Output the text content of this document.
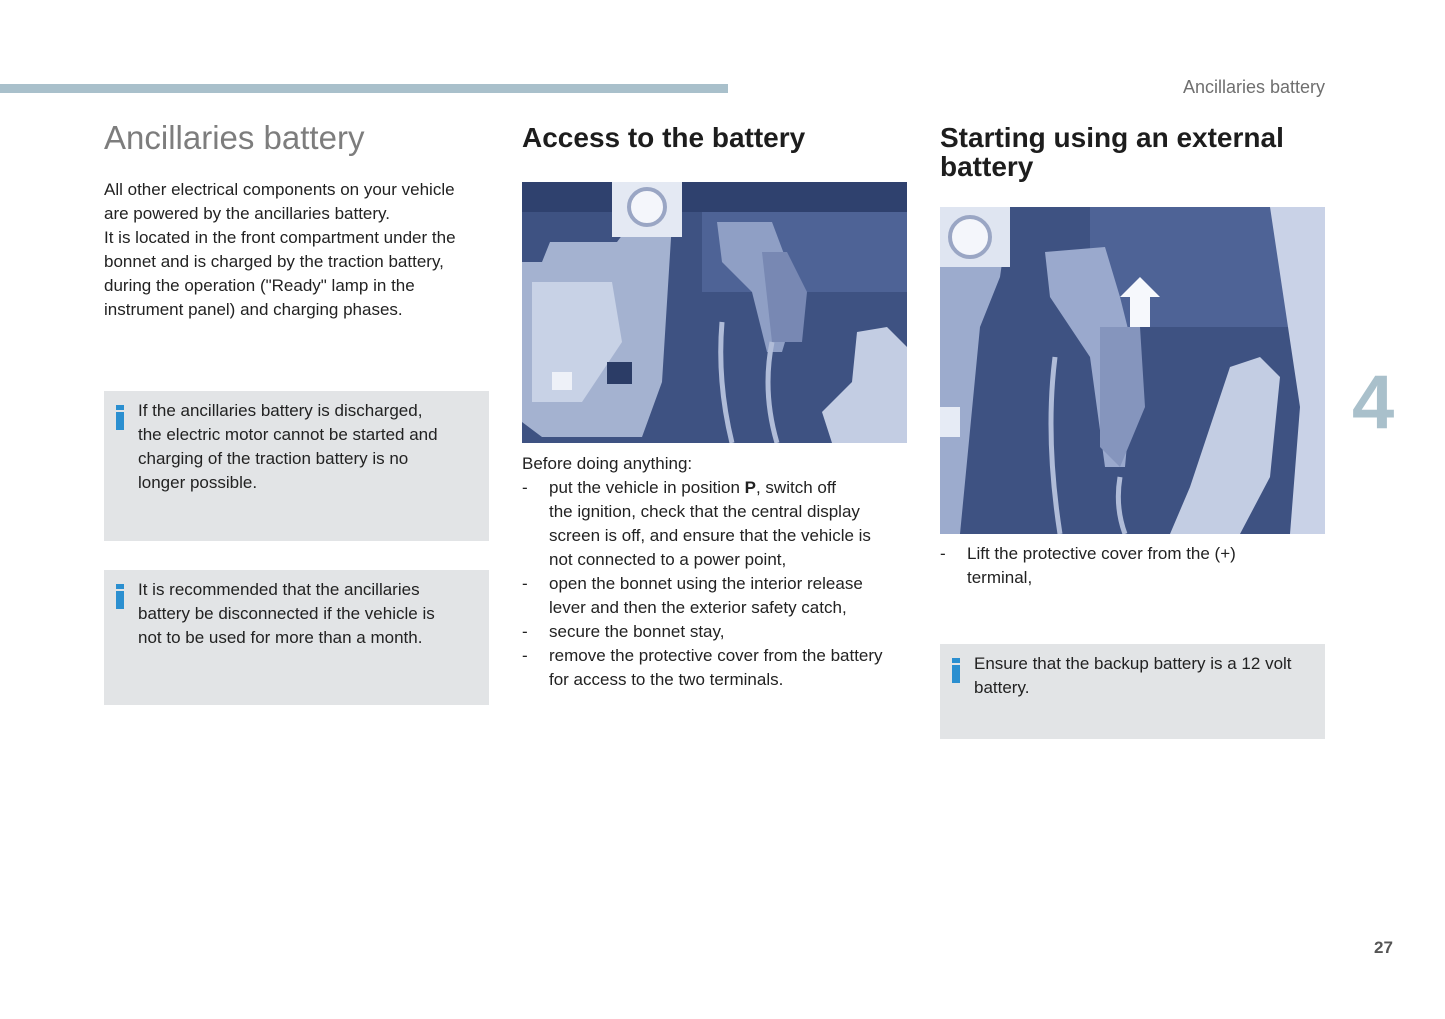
Ancillaries battery
4
27
Ancillaries battery

All other electrical components on your vehicle

are powered by the ancillaries battery.

It is located in the front compartment under the

bonnet and is charged by the traction battery,

during the operation ("Ready" lamp in the

instrument panel) and charging phases.

If the ancillaries battery is discharged,

the electric motor cannot be started and

charging of the traction battery is no

longer possible.

It is recommended that the ancillaries

battery be disconnected if the vehicle is

not to be used for more than a month.

Access to the battery

Before doing anything:

- put the vehicle in position P, switch off
the ignition, check that the central display
screen is off, and ensure that the vehicle is
not connected to a power point,
- open the bonnet using the interior release
lever and then the exterior safety catch,
- secure the bonnet stay,
- remove the protective cover from the battery
for access to the two terminals.
Starting using an external
battery
- Lift the protective cover from the (+)
terminal,

Ensure that the backup battery is a 12 volt

battery.
